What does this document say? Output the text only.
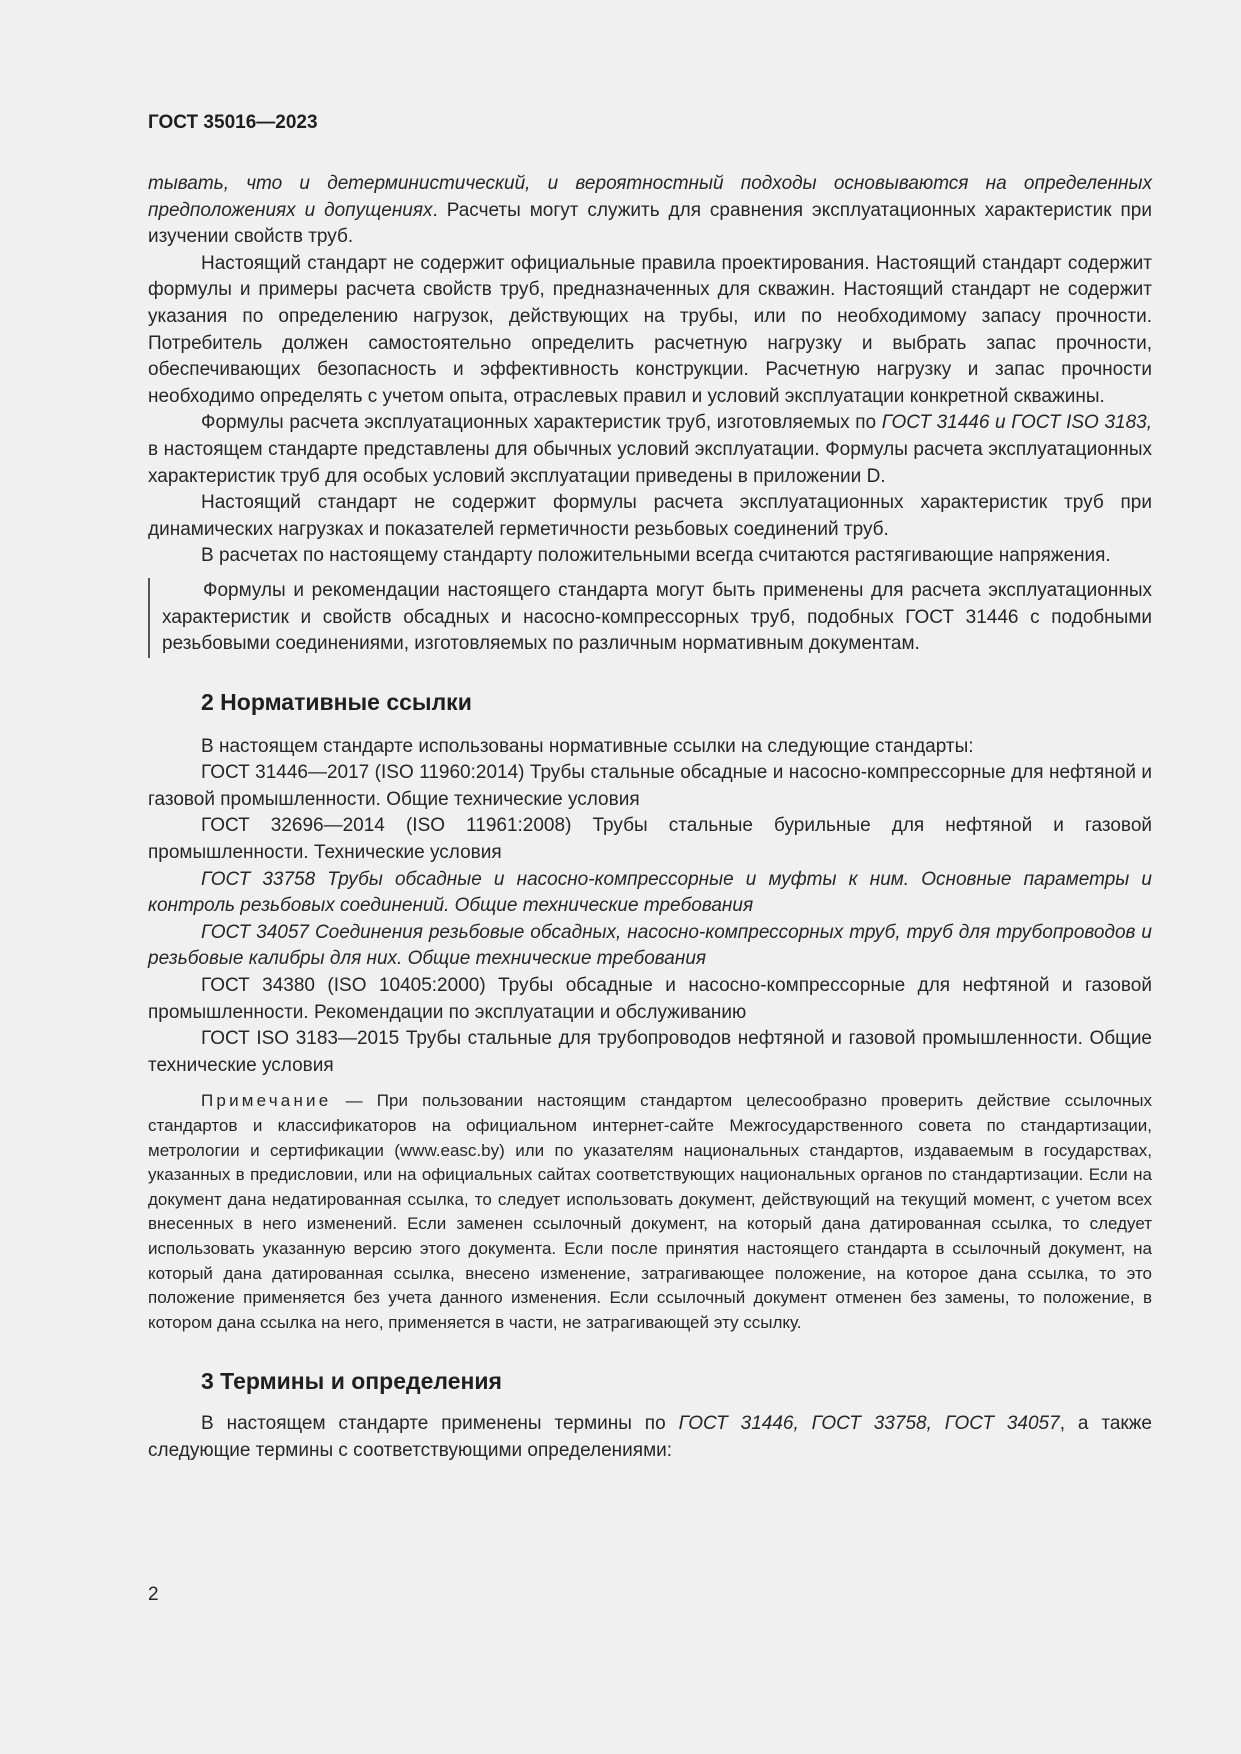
ГОСТ 35016—2023

тывать, что и детерминистический, и вероятностный подходы основываются на определенных предположениях и допущениях. Расчеты могут служить для сравнения эксплуатационных характеристик при изучении свойств труб.

Настоящий стандарт не содержит официальные правила проектирования. Настоящий стандарт содержит формулы и примеры расчета свойств труб, предназначенных для скважин. Настоящий стандарт не содержит указания по определению нагрузок, действующих на трубы, или по необходимому запасу прочности. Потребитель должен самостоятельно определить расчетную нагрузку и выбрать запас прочности, обеспечивающих безопасность и эффективность конструкции. Расчетную нагрузку и запас прочности необходимо определять с учетом опыта, отраслевых правил и условий эксплуатации конкретной скважины.

Формулы расчета эксплуатационных характеристик труб, изготовляемых по ГОСТ 31446 и ГОСТ ISO 3183, в настоящем стандарте представлены для обычных условий эксплуатации. Формулы расчета эксплуатационных характеристик труб для особых условий эксплуатации приведены в приложении D.

Настоящий стандарт не содержит формулы расчета эксплуатационных характеристик труб при динамических нагрузках и показателей герметичности резьбовых соединений труб.

В расчетах по настоящему стандарту положительными всегда считаются растягивающие напряжения.

Формулы и рекомендации настоящего стандарта могут быть применены для расчета эксплуатационных характеристик и свойств обсадных и насосно-компрессорных труб, подобных ГОСТ 31446 с подобными резьбовыми соединениями, изготовляемых по различным нормативным документам.

2 Нормативные ссылки

В настоящем стандарте использованы нормативные ссылки на следующие стандарты:

ГОСТ 31446—2017 (ISO 11960:2014) Трубы стальные обсадные и насосно-компрессорные для нефтяной и газовой промышленности. Общие технические условия

ГОСТ 32696—2014 (ISO 11961:2008) Трубы стальные бурильные для нефтяной и газовой промышленности. Технические условия

ГОСТ 33758 Трубы обсадные и насосно-компрессорные и муфты к ним. Основные параметры и контроль резьбовых соединений. Общие технические требования

ГОСТ 34057 Соединения резьбовые обсадных, насосно-компрессорных труб, труб для трубопроводов и резьбовые калибры для них. Общие технические требования

ГОСТ 34380 (ISO 10405:2000) Трубы обсадные и насосно-компрессорные для нефтяной и газовой промышленности. Рекомендации по эксплуатации и обслуживанию

ГОСТ ISO 3183—2015 Трубы стальные для трубопроводов нефтяной и газовой промышленности. Общие технические условия

Примечание — При пользовании настоящим стандартом целесообразно проверить действие ссылочных стандартов и классификаторов на официальном интернет-сайте Межгосударственного совета по стандартизации, метрологии и сертификации (www.easc.by) или по указателям национальных стандартов, издаваемым в государствах, указанных в предисловии, или на официальных сайтах соответствующих национальных органов по стандартизации. Если на документ дана недатированная ссылка, то следует использовать документ, действующий на текущий момент, с учетом всех внесенных в него изменений. Если заменен ссылочный документ, на который дана датированная ссылка, то следует использовать указанную версию этого документа. Если после принятия настоящего стандарта в ссылочный документ, на который дана датированная ссылка, внесено изменение, затрагивающее положение, на которое дана ссылка, то это положение применяется без учета данного изменения. Если ссылочный документ отменен без замены, то положение, в котором дана ссылка на него, применяется в части, не затрагивающей эту ссылку.

3 Термины и определения

В настоящем стандарте применены термины по ГОСТ 31446, ГОСТ 33758, ГОСТ 34057, а также следующие термины с соответствующими определениями:

2
